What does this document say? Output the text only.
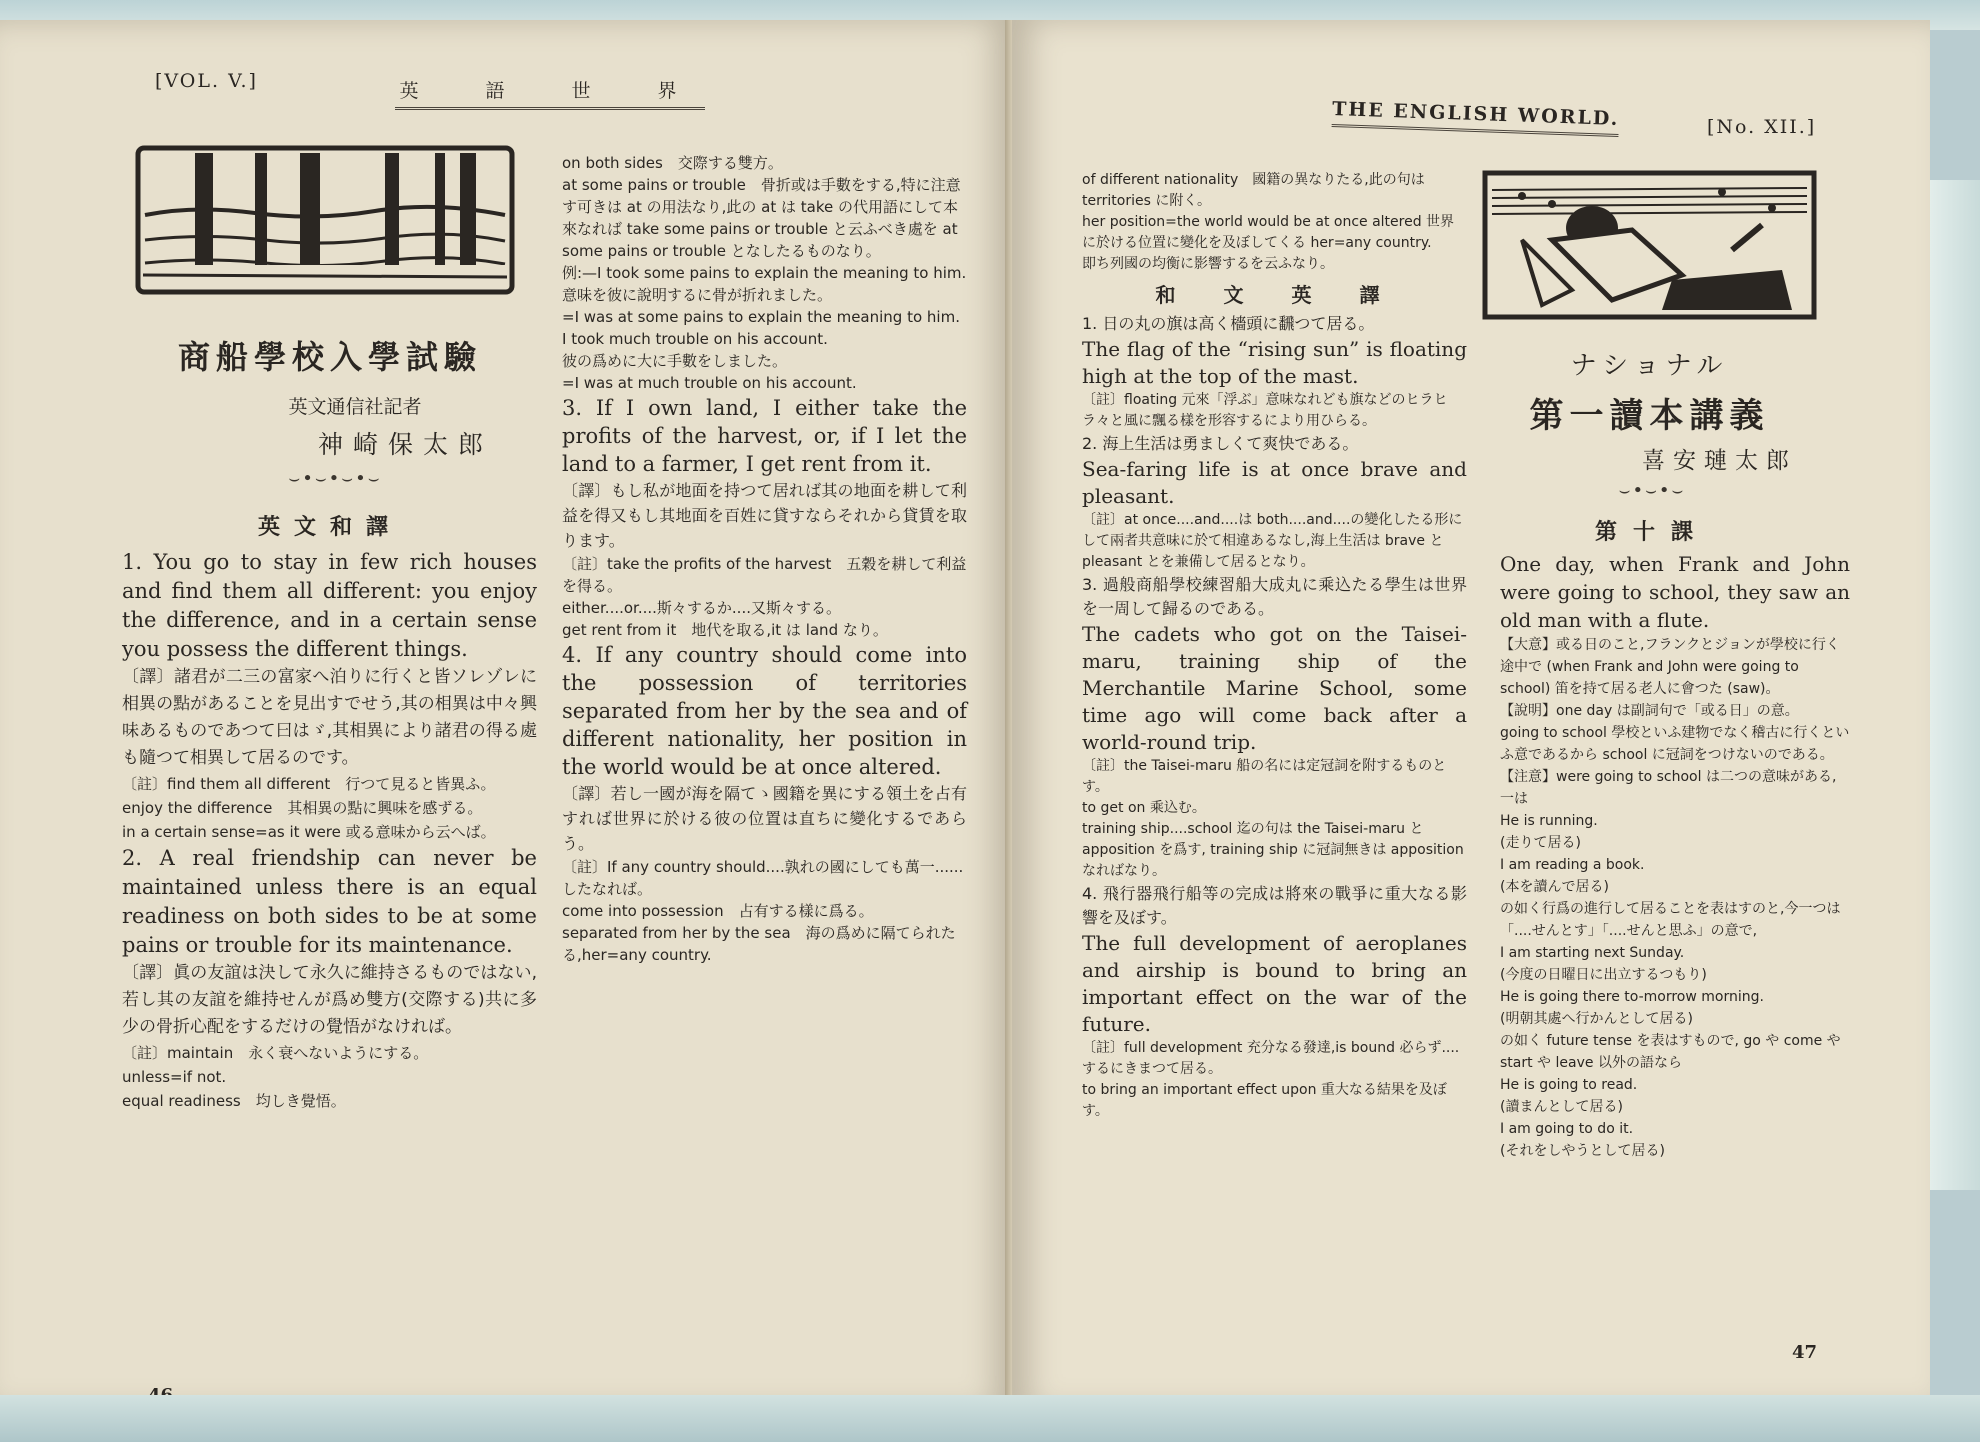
[VOL. V.]	英　語　世　界
商船學校入學試驗
英文通信社記者
神崎保太郎
⌣•⌣•⌣•⌣
英文和譯
1. You go to stay in few rich houses and find them all different: you enjoy the difference, and in a certain sense you possess the different things.
〔譯〕諸君が二三の富家へ泊りに行くと皆ソレゾレに相異の點があることを見出すでせう,其の相異は中々興味あるものであつて曰はゞ,其相異により諸君の得る處も隨つて相異して居るのです。
〔註〕find them all different　行つて見ると皆異ふ。
enjoy the difference　其相異の點に興味を感ずる。
in a certain sense=as it were 或る意味から云へば。
2. A real friendship can never be maintained unless there is an equal readiness on both sides to be at some pains or trouble for its maintenance.
〔譯〕眞の友誼は決して永久に維持さるものではない,若し其の友誼を維持せんが爲め雙方(交際する)共に多少の骨折心配をするだけの覺悟がなければ。
〔註〕maintain　永く衰へないようにする。
unless=if not.
equal readiness　均しき覺悟。
on both sides　交際する雙方。
at some pains or trouble　骨折或は手數をする,特に注意す可きは at の用法なり,此の at は take の代用語にして本來なれば take some pains or trouble と云ふべき處を at some pains or trouble となしたるものなり。
例:—I took some pains to explain the meaning to him.
意味を彼に說明するに骨が折れました。
=I was at some pains to explain the meaning to him.
I took much trouble on his account.
彼の爲めに大に手數をしました。
=I was at much trouble on his account.
3. If I own land, I either take the profits of the harvest, or, if I let the land to a farmer, I get rent from it.
〔譯〕もし私が地面を持つて居れば其の地面を耕して利益を得又もし其地面を百姓に貸すならそれから貸賃を取ります。
〔註〕take the profits of the harvest　五穀を耕して利益を得る。
either....or....斯々するか....又斯々する。
get rent from it　地代を取る,it は land なり。
4. If any country should come into the possession of territories separated from her by the sea and of different nationality, her position in the world would be at once altered.
〔譯〕若し一國が海を隔てゝ國籍を異にする領土を占有すれば世界に於ける彼の位置は直ちに變化するであらう。
〔註〕If any country should....孰れの國にしても萬一......したなれば。
come into possession　占有する樣に爲る。
separated from her by the sea　海の爲めに隔てられたる,her=any country.
THE ENGLISH WORLD.	[No. XII.]
of different nationality　國籍の異なりたる,此の句は territories に附く。
her position=the world would be at once altered 世界に於ける位置に變化を及ぼしてくる her=any country.
即ち列國の均衡に影響するを云ふなり。
和　文　英　譯
1. 日の丸の旗は高く檣頭に飜つて居る。
The flag of the “rising sun” is floating high at the top of the mast.
〔註〕floating 元來「浮ぶ」意味なれども旗などのヒラヒラ々と風に飄る樣を形容するにより用ひらる。
2. 海上生活は勇ましくて爽快である。
Sea-faring life is at once brave and pleasant.
〔註〕at once....and....は both....and....の變化したる形にして兩者共意味に於て相違あるなし,海上生活は brave と pleasant とを兼備して居るとなり。
3. 過般商船學校練習船大成丸に乘込たる學生は世界を一周して歸るのである。
The cadets who got on the Taisei-maru, training ship of the Merchantile Marine School, some time ago will come back after a world-round trip.
〔註〕the Taisei-maru 船の名には定冠詞を附するものとす。
to get on 乘込む。
training ship....school 迄の句は the Taisei-maru と apposition を爲す, training ship に冠詞無きは apposition なればなり。
4. 飛行器飛行船等の完成は將來の戰爭に重大なる影響を及ぼす。
The full development of aeroplanes and airship is bound to bring an important effect on the war of the future.
〔註〕full development 充分なる發達,is bound 必らず....するにきまつて居る。
to bring an important effect upon 重大なる結果を及ぼす。
ナショナル
第一讀本講義
喜安璉太郎
⌣•⌣•⌣
第十課
One day, when Frank and John were going to school, they saw an old man with a flute.
【大意】或る日のこと,フランクとジョンが學校に行く途中で (when Frank and John were going to school) 笛を持て居る老人に會つた (saw)。
【說明】one day は副詞句で「或る日」の意。
going to school 學校といふ建物でなく稽古に行くといふ意であるから school に冠詞をつけないのである。
【注意】were going to school は二つの意味がある,一は
He is running.
(走りて居る)
I am reading a book.
(本を讀んで居る)
の如く行爲の進行して居ることを表はすのと,今一つは「....せんとす」「....せんと思ふ」の意で,
I am starting next Sunday.
(今度の日曜日に出立するつもり)
He is going there to-morrow morning.
(明朝其處へ行かんとして居る)
の如く future tense を表はすもので, go や come や start や leave 以外の語なら
He is going to read.
(讀まんとして居る)
I am going to do it.
(それをしやうとして居る)
47
